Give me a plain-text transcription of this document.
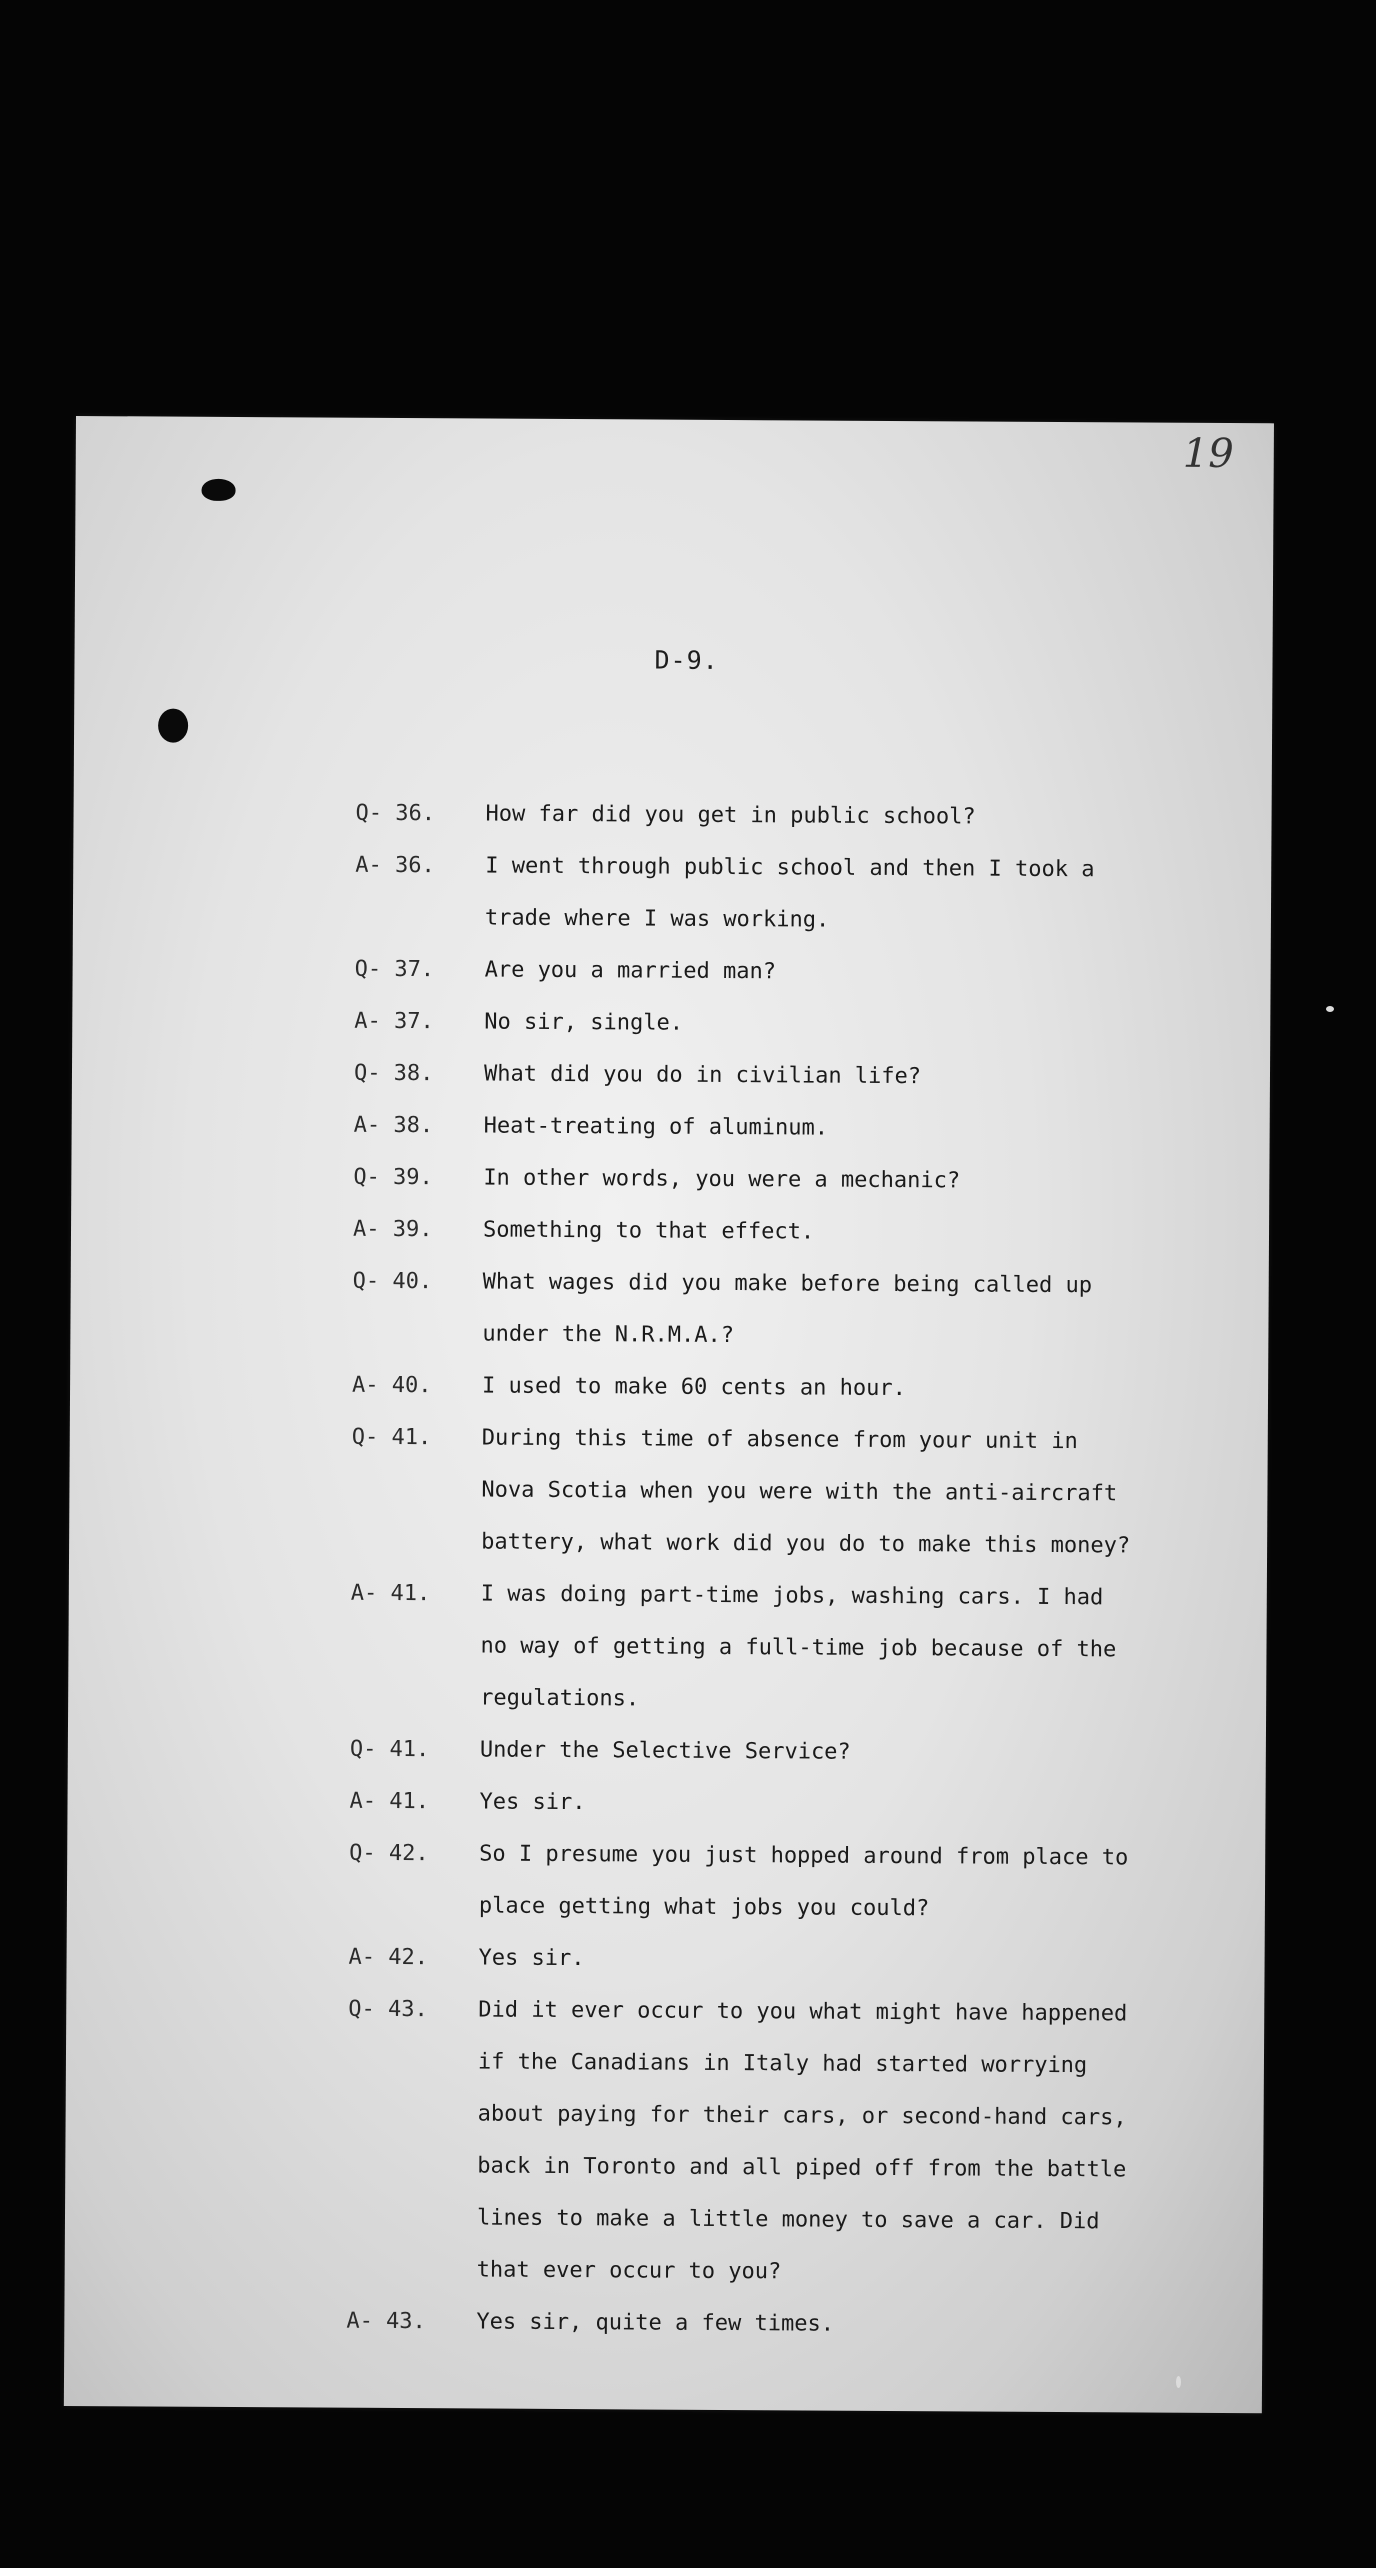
19
D-9.
Q- 36.	How far did you get in public school?
A- 36.	I went through public school and then I took a
trade where I was working.
Q- 37.	Are you a married man?
A- 37.	No sir, single.
Q- 38.	What did you do in civilian life?
A- 38.	Heat-treating of aluminum.
Q- 39.	In other words, you were a mechanic?
A- 39.	Something to that effect.
Q- 40.	What wages did you make before being called up
under the N.R.M.A.?
A- 40.	I used to make 60 cents an hour.
Q- 41.	During this time of absence from your unit in
Nova Scotia when you were with the anti-aircraft
battery, what work did you do to make this money?
A- 41.	I was doing part-time jobs, washing cars. I had
no way of getting a full-time job because of the
regulations.
Q- 41.	Under the Selective Service?
A- 41.	Yes sir.
Q- 42.	So I presume you just hopped around from place to
place getting what jobs you could?
A- 42.	Yes sir.
Q- 43.	Did it ever occur to you what might have happened
if the Canadians in Italy had started worrying
about paying for their cars, or second-hand cars,
back in Toronto and all piped off from the battle
lines to make a little money to save a car. Did
that ever occur to you?
A- 43.	Yes sir, quite a few times.
